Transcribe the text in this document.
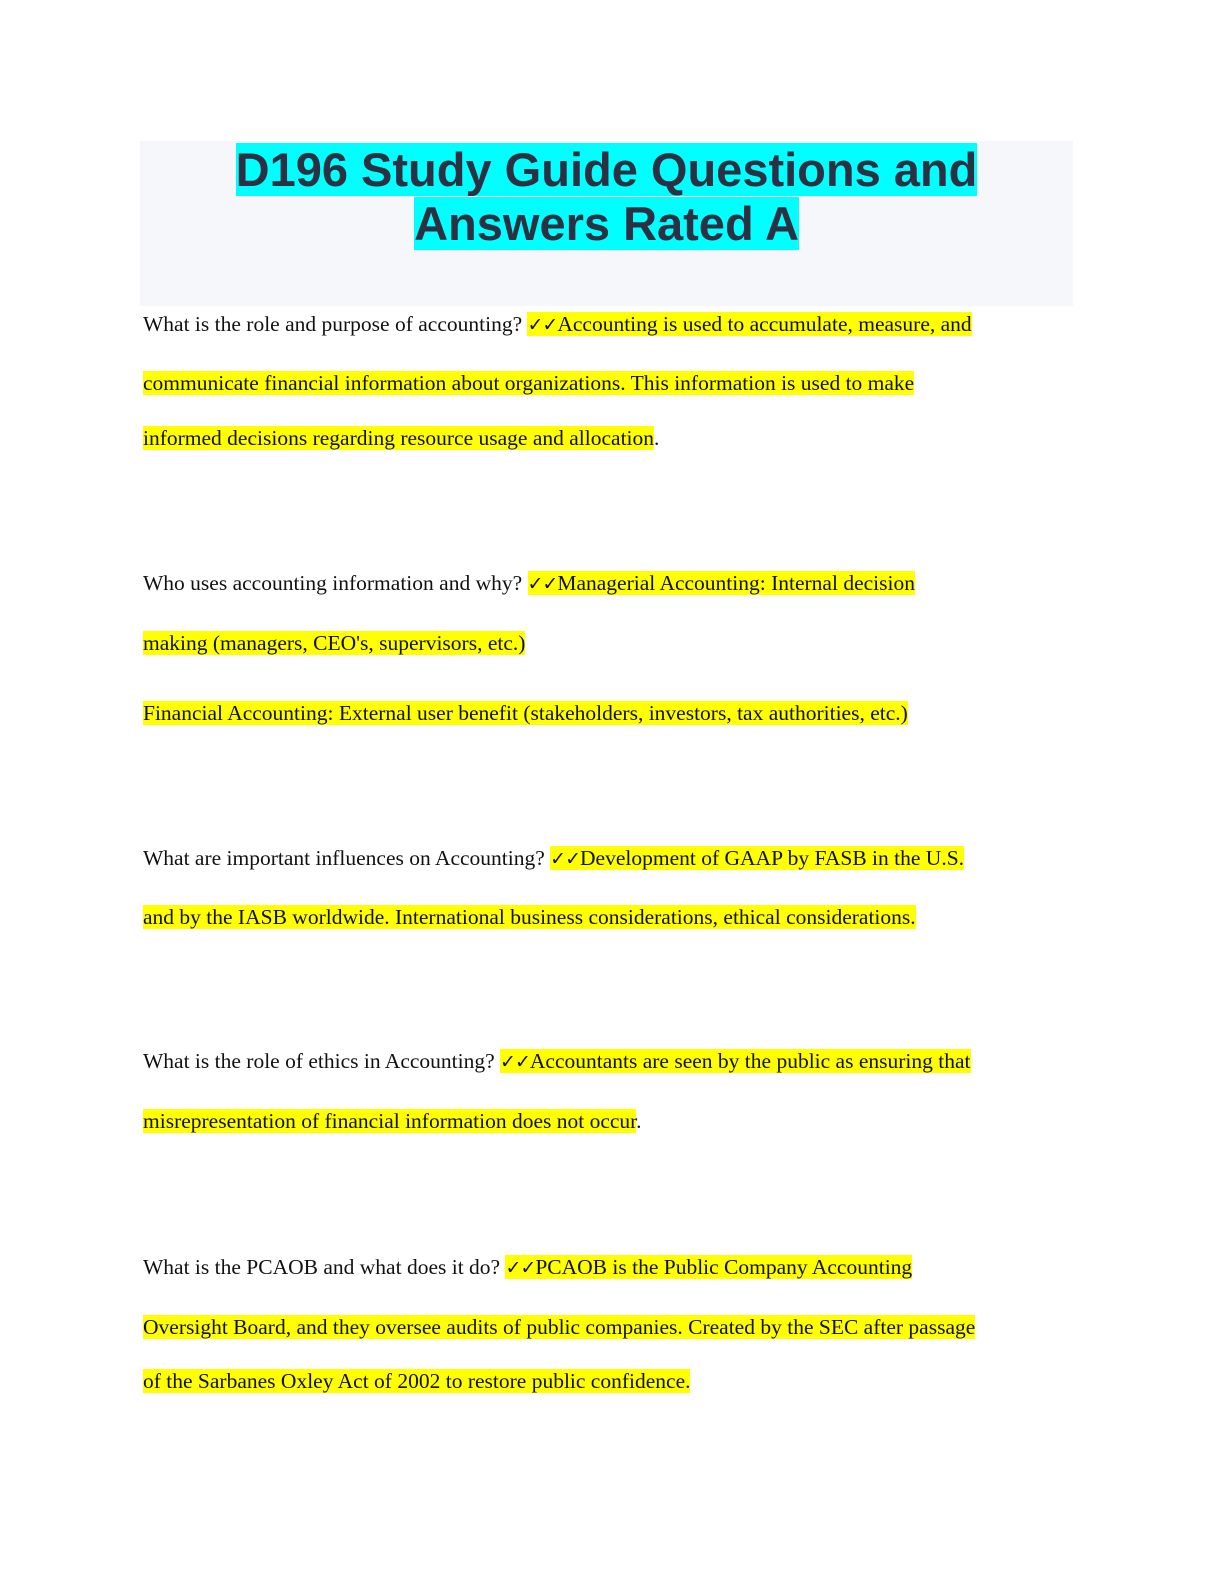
D196 Study Guide Questions and
Answers Rated A
What is the role and purpose of accounting? ✓✓Accounting is used to accumulate, measure, and
communicate financial information about organizations. This information is used to make
informed decisions regarding resource usage and allocation.
Who uses accounting information and why? ✓✓Managerial Accounting: Internal decision
making (managers, CEO's, supervisors, etc.)
Financial Accounting: External user benefit (stakeholders, investors, tax authorities, etc.)
What are important influences on Accounting? ✓✓Development of GAAP by FASB in the U.S.
and by the IASB worldwide. International business considerations, ethical considerations.
What is the role of ethics in Accounting? ✓✓Accountants are seen by the public as ensuring that
misrepresentation of financial information does not occur.
What is the PCAOB and what does it do? ✓✓PCAOB is the Public Company Accounting
Oversight Board, and they oversee audits of public companies. Created by the SEC after passage
of the Sarbanes Oxley Act of 2002 to restore public confidence.
